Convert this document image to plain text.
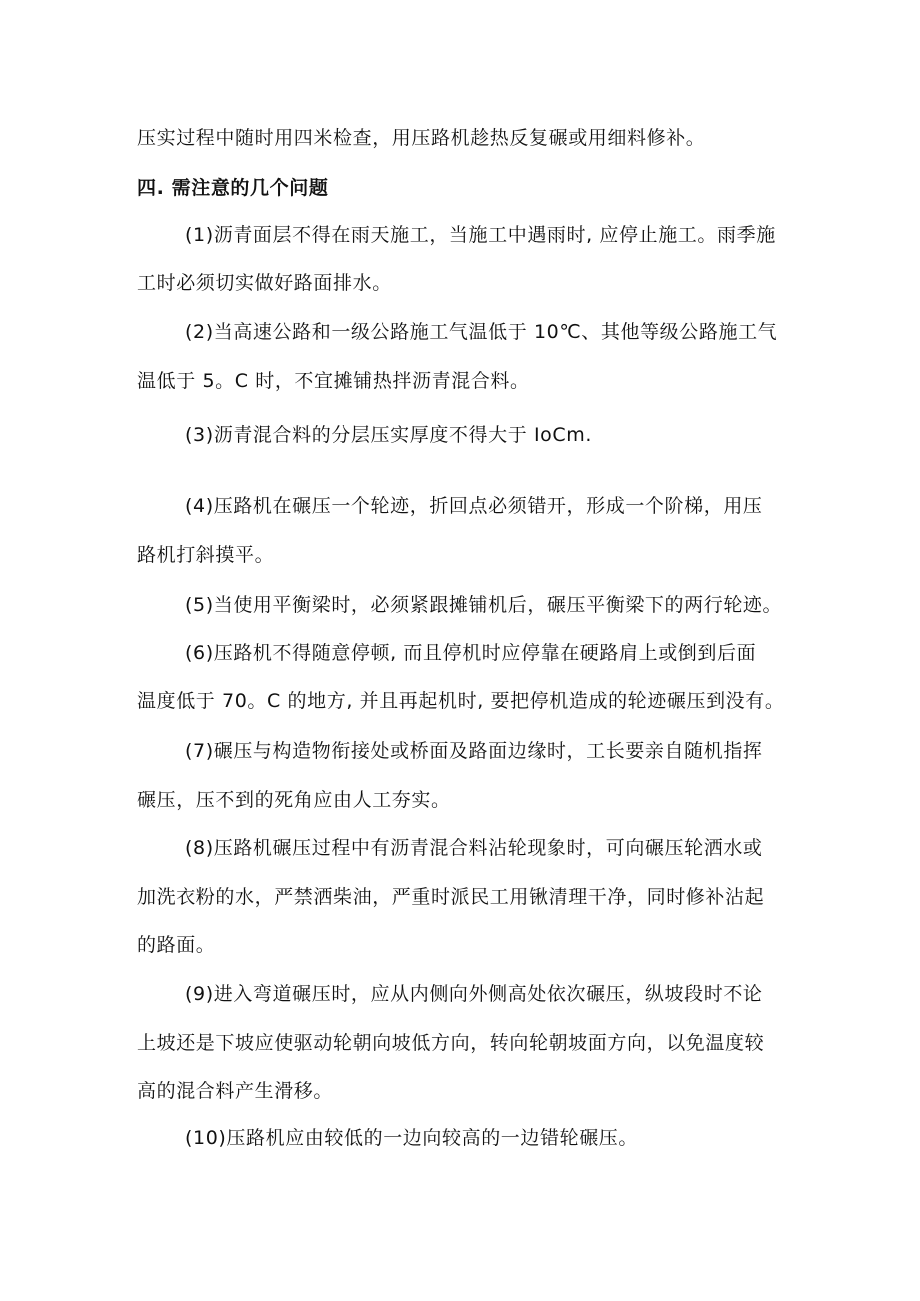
压实过程中随时用四米检查，用压路机趁热反复碾或用细料修补。
四. 需注意的几个问题
(1)沥青面层不得在雨天施工，当施工中遇雨时, 应停止施工。雨季施
工时必须切实做好路面排水。
(2)当高速公路和一级公路施工气温低于 10℃、其他等级公路施工气
温低于 5。C 时，不宜摊铺热拌沥青混合料。
(3)沥青混合料的分层压实厚度不得大于 IoCm.
(4)压路机在碾压一个轮迹，折回点必须错开，形成一个阶梯，用压
路机打斜摸平。
(5)当使用平衡梁时，必须紧跟摊铺机后，碾压平衡梁下的两行轮迹。
(6)压路机不得随意停顿, 而且停机时应停靠在硬路肩上或倒到后面
温度低于 70。C 的地方, 并且再起机时, 要把停机造成的轮迹碾压到没有。
(7)碾压与构造物衔接处或桥面及路面边缘时，工长要亲自随机指挥
碾压，压不到的死角应由人工夯实。
(8)压路机碾压过程中有沥青混合料沾轮现象时，可向碾压轮洒水或
加洗衣粉的水，严禁洒柴油，严重时派民工用锹清理干净，同时修补沾起
的路面。
(9)进入弯道碾压时，应从内侧向外侧高处依次碾压，纵坡段时不论
上坡还是下坡应使驱动轮朝向坡低方向，转向轮朝坡面方向，以免温度较
高的混合料产生滑移。
(10)压路机应由较低的一边向较高的一边错轮碾压。
